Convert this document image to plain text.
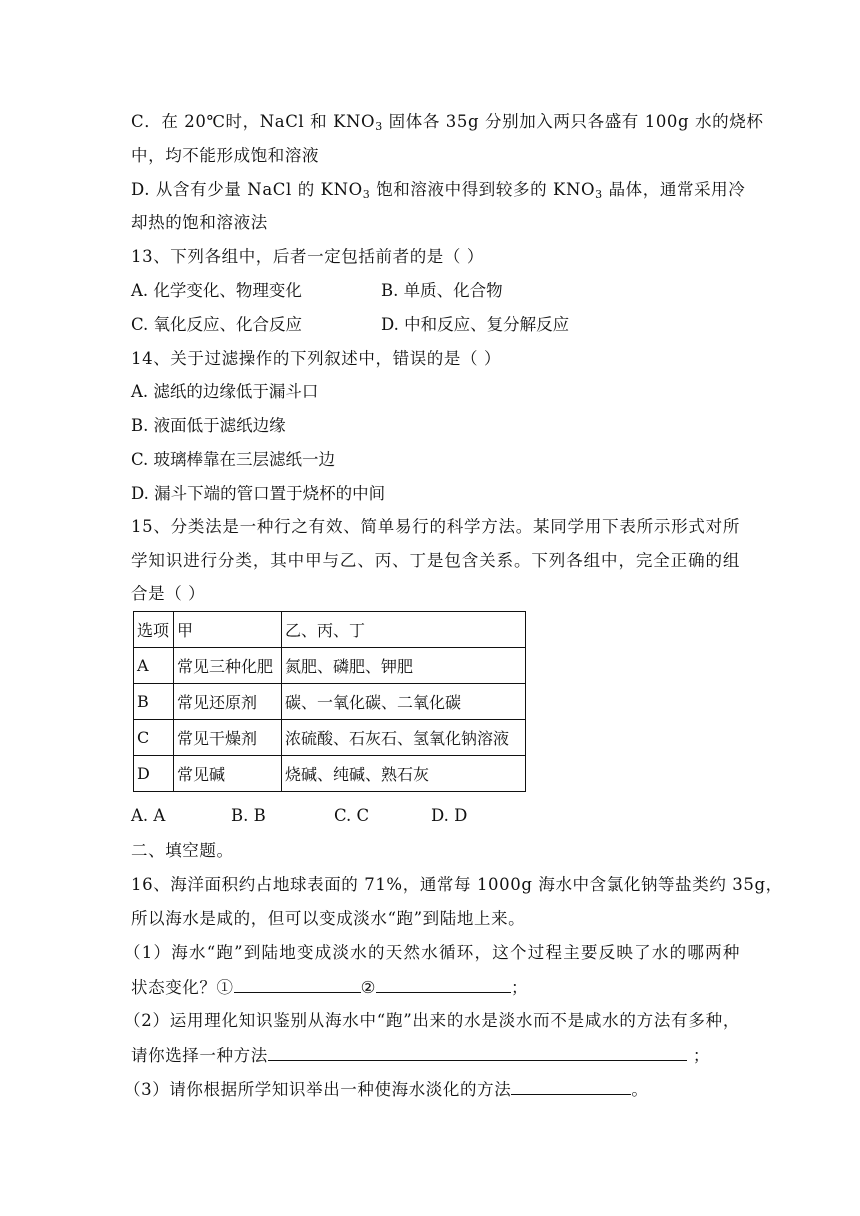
C．在 20℃时，NaCl 和 $KNO_3$ 固体各 35g 分别加入两只各盛有 100g 水的烧杯
中，均不能形成饱和溶液
D. 从含有少量 NaCl 的 $KNO_3$ 饱和溶液中得到较多的 $KNO_3$ 晶体，通常采用冷
却热的饱和溶液法
13、下列各组中，后者一定包括前者的是（ ）
A. 化学变化、物理变化	B. 单质、化合物
C. 氧化反应、化合反应	D. 中和反应、复分解反应
14、关于过滤操作的下列叙述中，错误的是（ ）
A. 滤纸的边缘低于漏斗口
B. 液面低于滤纸边缘
C. 玻璃棒靠在三层滤纸一边
D. 漏斗下端的管口置于烧杯的中间
15、分类法是一种行之有效、简单易行的科学方法。某同学用下表所示形式对所
学知识进行分类，其中甲与乙、丙、丁是包含关系。下列各组中，完全正确的组
合是（ ）
选项	甲	乙、丙、丁
A	常见三种化肥	氮肥、磷肥、钾肥
B	常见还原剂	碳、一氧化碳、二氧化碳
C	常见干燥剂	浓硫酸、石灰石、氢氧化钠溶液
D	常见碱	烧碱、纯碱、熟石灰
A. A	B. B	C. C	D. D
二、填空题。
16、海洋面积约占地球表面的 71%，通常每 1000g 海水中含氯化钠等盐类约 35g，
所以海水是咸的，但可以变成淡水“跑”到陆地上来。
（1）海水“跑”到陆地变成淡水的天然水循环，这个过程主要反映了水的哪两种
状态变化？①	②	；
（2）运用理化知识鉴别从海水中“跑”出来的水是淡水而不是咸水的方法有多种，
请你选择一种方法	；
（3）请你根据所学知识举出一种使海水淡化的方法	。
